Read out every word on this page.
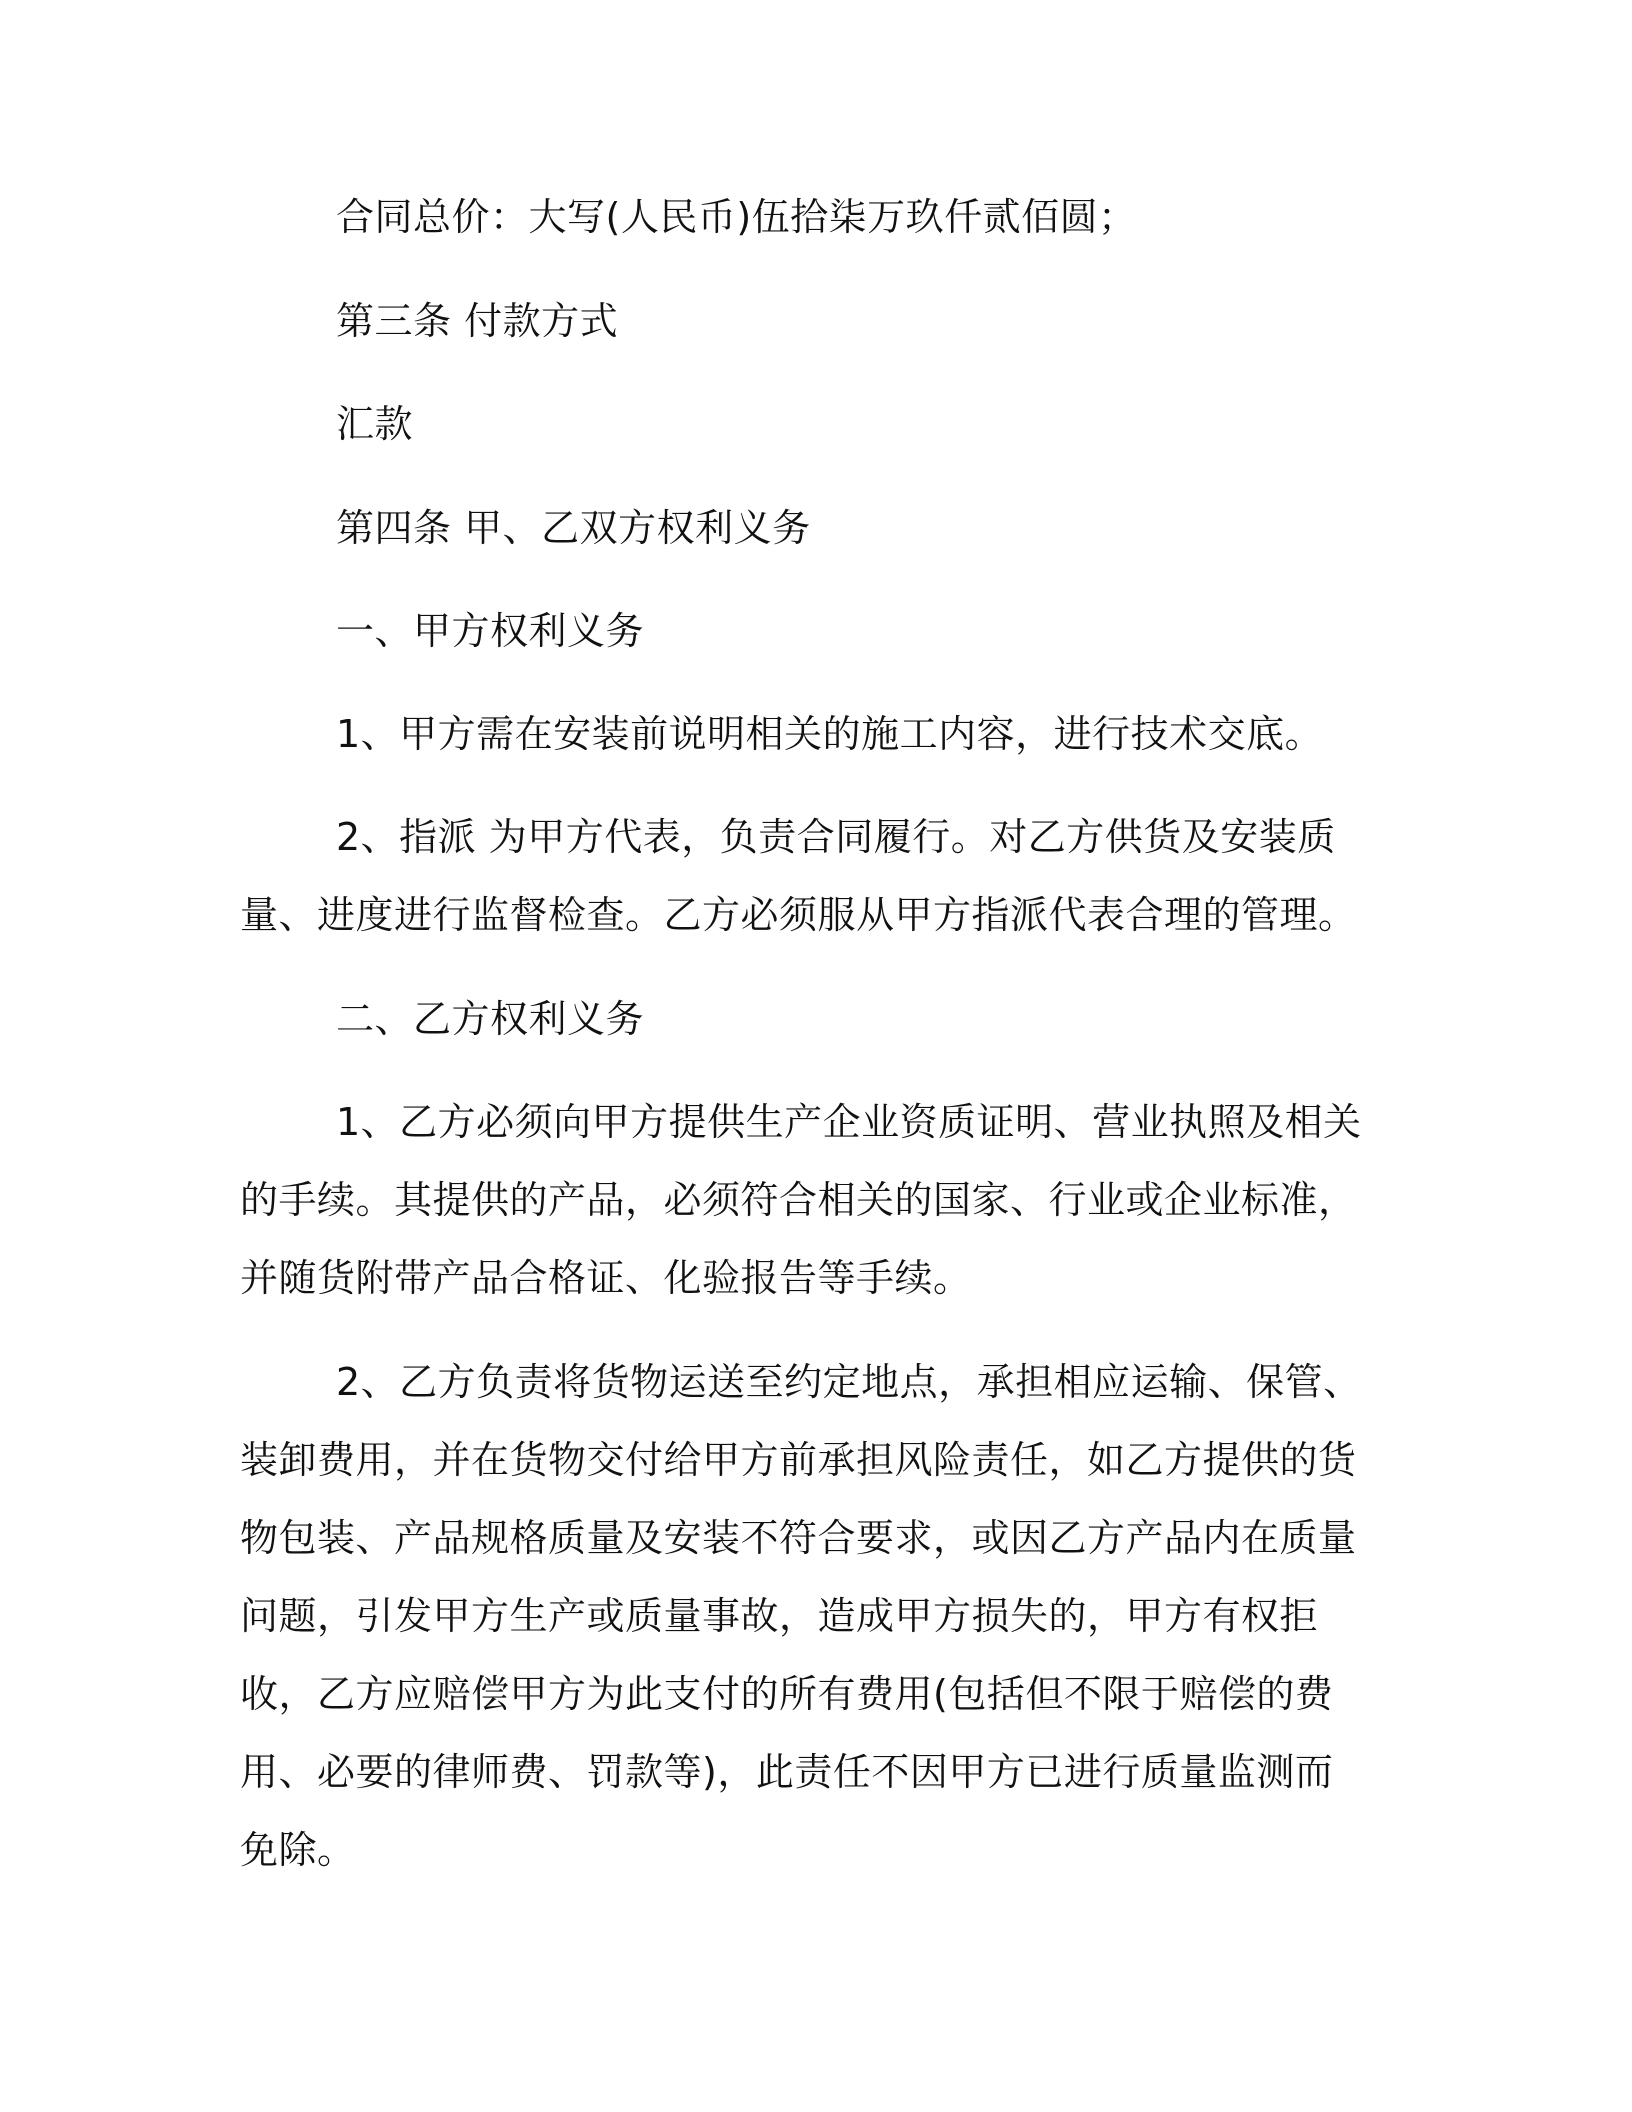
合同总价：大写(人民币)伍拾柒万玖仟贰佰圆；

第三条 付款方式

汇款

第四条 甲、乙双方权利义务

一、甲方权利义务

1、甲方需在安装前说明相关的施工内容，进行技术交底。

2、指派 为甲方代表，负责合同履行。对乙方供货及安装质量、进度进行监督检查。乙方必须服从甲方指派代表合理的管理。

二、乙方权利义务

1、乙方必须向甲方提供生产企业资质证明、营业执照及相关的手续。其提供的产品，必须符合相关的国家、行业或企业标准，并随货附带产品合格证、化验报告等手续。

2、乙方负责将货物运送至约定地点，承担相应运输、保管、装卸费用，并在货物交付给甲方前承担风险责任，如乙方提供的货物包装、产品规格质量及安装不符合要求，或因乙方产品内在质量问题，引发甲方生产或质量事故，造成甲方损失的，甲方有权拒收，乙方应赔偿甲方为此支付的所有费用(包括但不限于赔偿的费用、必要的律师费、罚款等)，此责任不因甲方已进行质量监测而免除。
